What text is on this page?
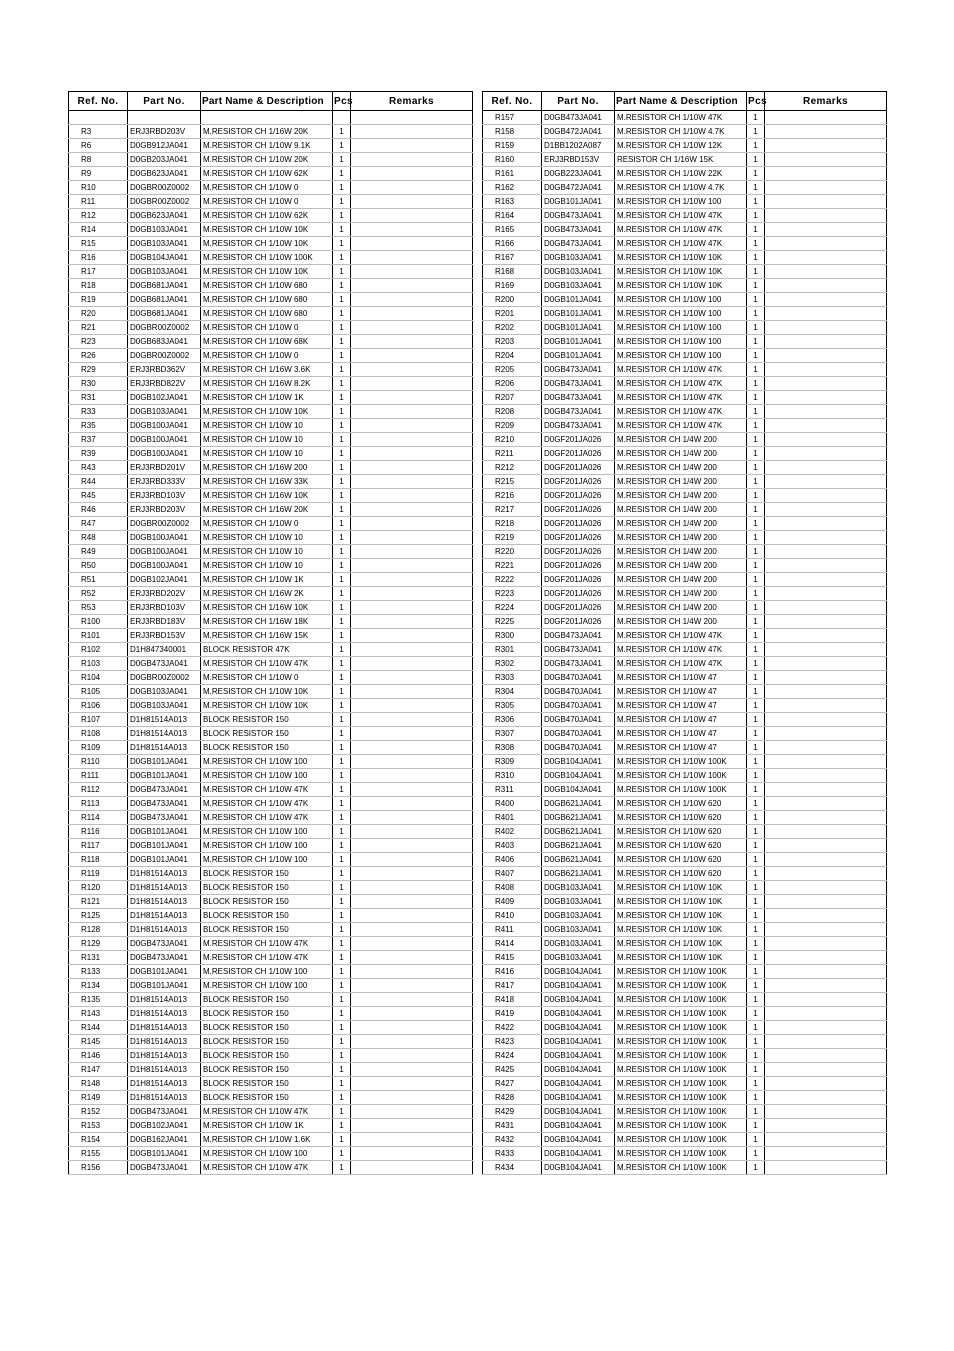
Ref. No.	Part No.	Part Name & Description	Pcs	Remarks

R3	ERJ3RBD203V	M.RESISTOR CH 1/16W 20K	1	
R6	D0GB912JA041	M.RESISTOR CH 1/10W 9.1K	1	
R8	D0GB203JA041	M.RESISTOR CH 1/10W 20K	1	
R9	D0GB623JA041	M.RESISTOR CH 1/10W 62K	1	
R10	D0GBR00Z0002	M.RESISTOR CH 1/10W 0	1	
R11	D0GBR00Z0002	M.RESISTOR CH 1/10W 0	1	
R12	D0GB623JA041	M.RESISTOR CH 1/10W 62K	1	
R14	D0GB103JA041	M.RESISTOR CH 1/10W 10K	1	
R15	D0GB103JA041	M.RESISTOR CH 1/10W 10K	1	
R16	D0GB104JA041	M.RESISTOR CH 1/10W 100K	1	
R17	D0GB103JA041	M.RESISTOR CH 1/10W 10K	1	
R18	D0GB681JA041	M.RESISTOR CH 1/10W 680	1	
R19	D0GB681JA041	M.RESISTOR CH 1/10W 680	1	
R20	D0GB681JA041	M.RESISTOR CH 1/10W 680	1	
R21	D0GBR00Z0002	M.RESISTOR CH 1/10W 0	1	
R23	D0GB683JA041	M.RESISTOR CH 1/10W 68K	1	
R26	D0GBR00Z0002	M.RESISTOR CH 1/10W 0	1	
R29	ERJ3RBD362V	M.RESISTOR CH 1/16W 3.6K	1	
R30	ERJ3RBD822V	M.RESISTOR CH 1/16W 8.2K	1	
R31	D0GB102JA041	M.RESISTOR CH 1/10W 1K	1	
R33	D0GB103JA041	M.RESISTOR CH 1/10W 10K	1	
R35	D0GB100JA041	M.RESISTOR CH 1/10W 10	1	
R37	D0GB100JA041	M.RESISTOR CH 1/10W 10	1	
R39	D0GB100JA041	M.RESISTOR CH 1/10W 10	1	
R43	ERJ3RBD201V	M.RESISTOR CH 1/16W 200	1	
R44	ERJ3RBD333V	M.RESISTOR CH 1/16W 33K	1	
R45	ERJ3RBD103V	M.RESISTOR CH 1/16W 10K	1	
R46	ERJ3RBD203V	M.RESISTOR CH 1/16W 20K	1	
R47	D0GBR00Z0002	M.RESISTOR CH 1/10W 0	1	
R48	D0GB100JA041	M.RESISTOR CH 1/10W 10	1	
R49	D0GB100JA041	M.RESISTOR CH 1/10W 10	1	
R50	D0GB100JA041	M.RESISTOR CH 1/10W 10	1	
R51	D0GB102JA041	M.RESISTOR CH 1/10W 1K	1	
R52	ERJ3RBD202V	M.RESISTOR CH 1/16W 2K	1	
R53	ERJ3RBD103V	M.RESISTOR CH 1/16W 10K	1	
R100	ERJ3RBD183V	M.RESISTOR CH 1/16W 18K	1	
R101	ERJ3RBD153V	M.RESISTOR CH 1/16W 15K	1	
R102	D1H847340001	BLOCK RESISTOR 47K	1	
R103	D0GB473JA041	M.RESISTOR CH 1/10W 47K	1	
R104	D0GBR00Z0002	M.RESISTOR CH 1/10W 0	1	
R105	D0GB103JA041	M.RESISTOR CH 1/10W 10K	1	
R106	D0GB103JA041	M.RESISTOR CH 1/10W 10K	1	
R107	D1H81514A013	BLOCK RESISTOR 150	1	
R108	D1H81514A013	BLOCK RESISTOR 150	1	
R109	D1H81514A013	BLOCK RESISTOR 150	1	
R110	D0GB101JA041	M.RESISTOR CH 1/10W 100	1	
R111	D0GB101JA041	M.RESISTOR CH 1/10W 100	1	
R112	D0GB473JA041	M.RESISTOR CH 1/10W 47K	1	
R113	D0GB473JA041	M.RESISTOR CH 1/10W 47K	1	
R114	D0GB473JA041	M.RESISTOR CH 1/10W 47K	1	
R116	D0GB101JA041	M.RESISTOR CH 1/10W 100	1	
R117	D0GB101JA041	M.RESISTOR CH 1/10W 100	1	
R118	D0GB101JA041	M.RESISTOR CH 1/10W 100	1	
R119	D1H81514A013	BLOCK RESISTOR 150	1	
R120	D1H81514A013	BLOCK RESISTOR 150	1	
R121	D1H81514A013	BLOCK RESISTOR 150	1	
R125	D1H81514A013	BLOCK RESISTOR 150	1	
R128	D1H81514A013	BLOCK RESISTOR 150	1	
R129	D0GB473JA041	M.RESISTOR CH 1/10W 47K	1	
R131	D0GB473JA041	M.RESISTOR CH 1/10W 47K	1	
R133	D0GB101JA041	M.RESISTOR CH 1/10W 100	1	
R134	D0GB101JA041	M.RESISTOR CH 1/10W 100	1	
R135	D1H81514A013	BLOCK RESISTOR 150	1	
R143	D1H81514A013	BLOCK RESISTOR 150	1	
R144	D1H81514A013	BLOCK RESISTOR 150	1	
R145	D1H81514A013	BLOCK RESISTOR 150	1	
R146	D1H81514A013	BLOCK RESISTOR 150	1	
R147	D1H81514A013	BLOCK RESISTOR 150	1	
R148	D1H81514A013	BLOCK RESISTOR 150	1	
R149	D1H81514A013	BLOCK RESISTOR 150	1	
R152	D0GB473JA041	M.RESISTOR CH 1/10W 47K	1	
R153	D0GB102JA041	M.RESISTOR CH 1/10W 1K	1	
R154	D0GB162JA041	M.RESISTOR CH 1/10W 1.6K	1	
R155	D0GB101JA041	M.RESISTOR CH 1/10W 100	1	
R156	D0GB473JA041	M.RESISTOR CH 1/10W 47K	1	
Ref. No.	Part No.	Part Name & Description	Pcs	Remarks
R157	D0GB473JA041	M.RESISTOR CH 1/10W 47K	1	
R158	D0GB472JA041	M.RESISTOR CH 1/10W 4.7K	1	
R159	D1BB1202A087	M.RESISTOR CH 1/10W 12K	1	
R160	ERJ3RBD153V	RESISTOR CH 1/16W 15K	1	
R161	D0GB223JA041	M.RESISTOR CH 1/10W 22K	1	
R162	D0GB472JA041	M.RESISTOR CH 1/10W 4.7K	1	
R163	D0GB101JA041	M.RESISTOR CH 1/10W 100	1	
R164	D0GB473JA041	M.RESISTOR CH 1/10W 47K	1	
R165	D0GB473JA041	M.RESISTOR CH 1/10W 47K	1	
R166	D0GB473JA041	M.RESISTOR CH 1/10W 47K	1	
R167	D0GB103JA041	M.RESISTOR CH 1/10W 10K	1	
R168	D0GB103JA041	M.RESISTOR CH 1/10W 10K	1	
R169	D0GB103JA041	M.RESISTOR CH 1/10W 10K	1	
R200	D0GB101JA041	M.RESISTOR CH 1/10W 100	1	
R201	D0GB101JA041	M.RESISTOR CH 1/10W 100	1	
R202	D0GB101JA041	M.RESISTOR CH 1/10W 100	1	
R203	D0GB101JA041	M.RESISTOR CH 1/10W 100	1	
R204	D0GB101JA041	M.RESISTOR CH 1/10W 100	1	
R205	D0GB473JA041	M.RESISTOR CH 1/10W 47K	1	
R206	D0GB473JA041	M.RESISTOR CH 1/10W 47K	1	
R207	D0GB473JA041	M.RESISTOR CH 1/10W 47K	1	
R208	D0GB473JA041	M.RESISTOR CH 1/10W 47K	1	
R209	D0GB473JA041	M.RESISTOR CH 1/10W 47K	1	
R210	D0GF201JA026	M.RESISTOR CH 1/4W 200	1	
R211	D0GF201JA026	M.RESISTOR CH 1/4W 200	1	
R212	D0GF201JA026	M.RESISTOR CH 1/4W 200	1	
R215	D0GF201JA026	M.RESISTOR CH 1/4W 200	1	
R216	D0GF201JA026	M.RESISTOR CH 1/4W 200	1	
R217	D0GF201JA026	M.RESISTOR CH 1/4W 200	1	
R218	D0GF201JA026	M.RESISTOR CH 1/4W 200	1	
R219	D0GF201JA026	M.RESISTOR CH 1/4W 200	1	
R220	D0GF201JA026	M.RESISTOR CH 1/4W 200	1	
R221	D0GF201JA026	M.RESISTOR CH 1/4W 200	1	
R222	D0GF201JA026	M.RESISTOR CH 1/4W 200	1	
R223	D0GF201JA026	M.RESISTOR CH 1/4W 200	1	
R224	D0GF201JA026	M.RESISTOR CH 1/4W 200	1	
R225	D0GF201JA026	M.RESISTOR CH 1/4W 200	1	
R300	D0GB473JA041	M.RESISTOR CH 1/10W 47K	1	
R301	D0GB473JA041	M.RESISTOR CH 1/10W 47K	1	
R302	D0GB473JA041	M.RESISTOR CH 1/10W 47K	1	
R303	D0GB470JA041	M.RESISTOR CH 1/10W 47	1	
R304	D0GB470JA041	M.RESISTOR CH 1/10W 47	1	
R305	D0GB470JA041	M.RESISTOR CH 1/10W 47	1	
R306	D0GB470JA041	M.RESISTOR CH 1/10W 47	1	
R307	D0GB470JA041	M.RESISTOR CH 1/10W 47	1	
R308	D0GB470JA041	M.RESISTOR CH 1/10W 47	1	
R309	D0GB104JA041	M.RESISTOR CH 1/10W 100K	1	
R310	D0GB104JA041	M.RESISTOR CH 1/10W 100K	1	
R311	D0GB104JA041	M.RESISTOR CH 1/10W 100K	1	
R400	D0GB621JA041	M.RESISTOR CH 1/10W 620	1	
R401	D0GB621JA041	M.RESISTOR CH 1/10W 620	1	
R402	D0GB621JA041	M.RESISTOR CH 1/10W 620	1	
R403	D0GB621JA041	M.RESISTOR CH 1/10W 620	1	
R406	D0GB621JA041	M.RESISTOR CH 1/10W 620	1	
R407	D0GB621JA041	M.RESISTOR CH 1/10W 620	1	
R408	D0GB103JA041	M.RESISTOR CH 1/10W 10K	1	
R409	D0GB103JA041	M.RESISTOR CH 1/10W 10K	1	
R410	D0GB103JA041	M.RESISTOR CH 1/10W 10K	1	
R411	D0GB103JA041	M.RESISTOR CH 1/10W 10K	1	
R414	D0GB103JA041	M.RESISTOR CH 1/10W 10K	1	
R415	D0GB103JA041	M.RESISTOR CH 1/10W 10K	1	
R416	D0GB104JA041	M.RESISTOR CH 1/10W 100K	1	
R417	D0GB104JA041	M.RESISTOR CH 1/10W 100K	1	
R418	D0GB104JA041	M.RESISTOR CH 1/10W 100K	1	
R419	D0GB104JA041	M.RESISTOR CH 1/10W 100K	1	
R422	D0GB104JA041	M.RESISTOR CH 1/10W 100K	1	
R423	D0GB104JA041	M.RESISTOR CH 1/10W 100K	1	
R424	D0GB104JA041	M.RESISTOR CH 1/10W 100K	1	
R425	D0GB104JA041	M.RESISTOR CH 1/10W 100K	1	
R427	D0GB104JA041	M.RESISTOR CH 1/10W 100K	1	
R428	D0GB104JA041	M.RESISTOR CH 1/10W 100K	1	
R429	D0GB104JA041	M.RESISTOR CH 1/10W 100K	1	
R431	D0GB104JA041	M.RESISTOR CH 1/10W 100K	1	
R432	D0GB104JA041	M.RESISTOR CH 1/10W 100K	1	
R433	D0GB104JA041	M.RESISTOR CH 1/10W 100K	1	
R434	D0GB104JA041	M.RESISTOR CH 1/10W 100K	1	
